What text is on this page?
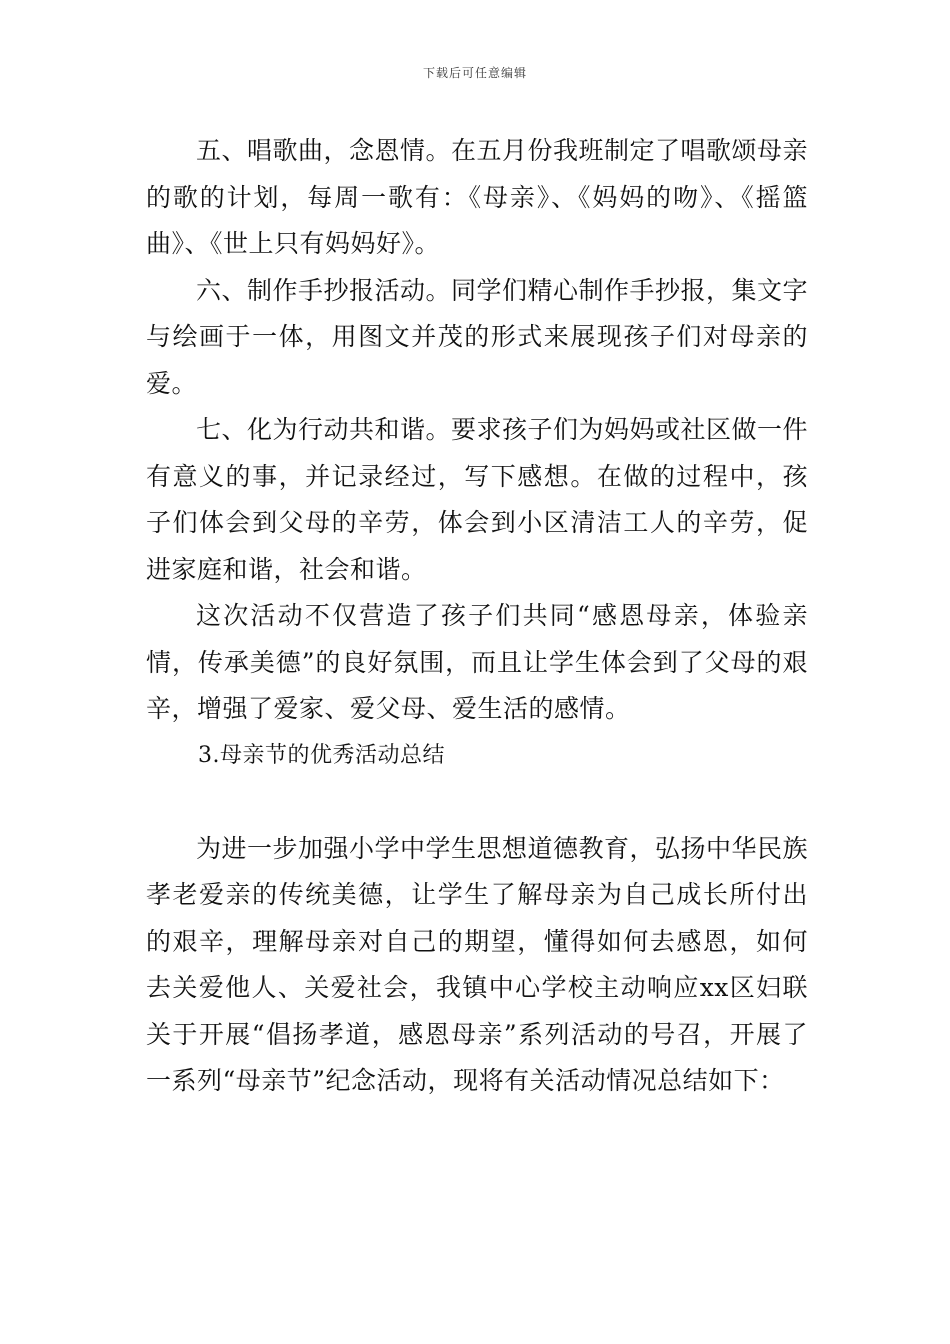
下载后可任意编辑

五、唱歌曲，念恩情。在五月份我班制定了唱歌颂母亲的歌的计划，每周一歌有：《母亲》、《妈妈的吻》、《摇篮曲》、《世上只有妈妈好》。

六、制作手抄报活动。同学们精心制作手抄报，集文字与绘画于一体，用图文并茂的形式来展现孩子们对母亲的爱。

七、化为行动共和谐。要求孩子们为妈妈或社区做一件有意义的事，并记录经过，写下感想。在做的过程中，孩子们体会到父母的辛劳，体会到小区清洁工人的辛劳，促进家庭和谐，社会和谐。

这次活动不仅营造了孩子们共同“感恩母亲，体验亲情，传承美德”的良好氛围，而且让学生体会到了父母的艰辛，增强了爱家、爱父母、爱生活的感情。

3.母亲节的优秀活动总结

为进一步加强小学中学生思想道德教育，弘扬中华民族孝老爱亲的传统美德，让学生了解母亲为自己成长所付出的艰辛，理解母亲对自己的期望，懂得如何去感恩，如何去关爱他人、关爱社会，我镇中心学校主动响应xx区妇联关于开展“倡扬孝道，感恩母亲”系列活动的号召，开展了一系列“母亲节”纪念活动，现将有关活动情况总结如下：
